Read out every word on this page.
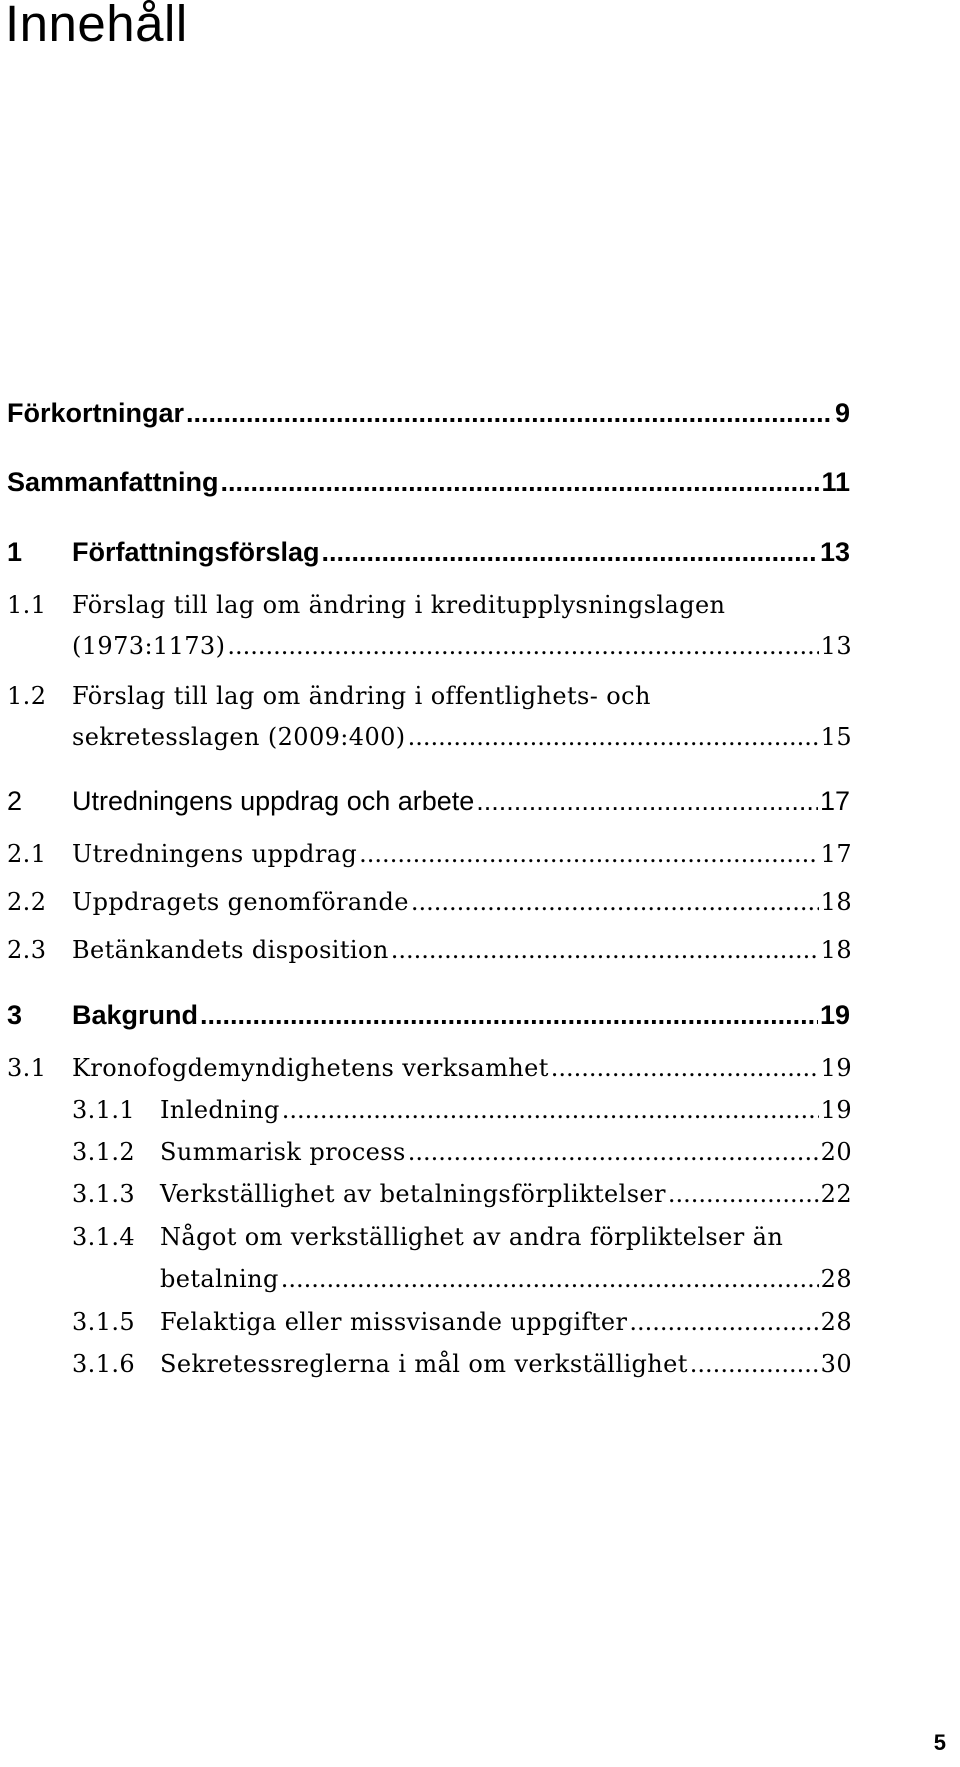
Innehåll
Förkortningar .....	9
Sammanfattning .....	11
1 Författningsförslag .....	13
1.1 Förslag till lag om ändring i kreditupplysningslagen
(1973:1173) .....	13
1.2 Förslag till lag om ändring i offentlighets- och
sekretesslagen (2009:400) .....	15
2 Utredningens uppdrag och arbete .....	17
2.1 Utredningens uppdrag .....	17
2.2 Uppdragets genomförande .....	18
2.3 Betänkandets disposition .....	18
3 Bakgrund .....	19
3.1 Kronofogdemyndighetens verksamhet .....	19
3.1.1 Inledning .....	19
3.1.2 Summarisk process .....	20
3.1.3 Verkställighet av betalningsförpliktelser .....	22
3.1.4 Något om verkställighet av andra förpliktelser än
betalning .....	28
3.1.5 Felaktiga eller missvisande uppgifter .....	28
3.1.6 Sekretessreglerna i mål om verkställighet .....	30
5
